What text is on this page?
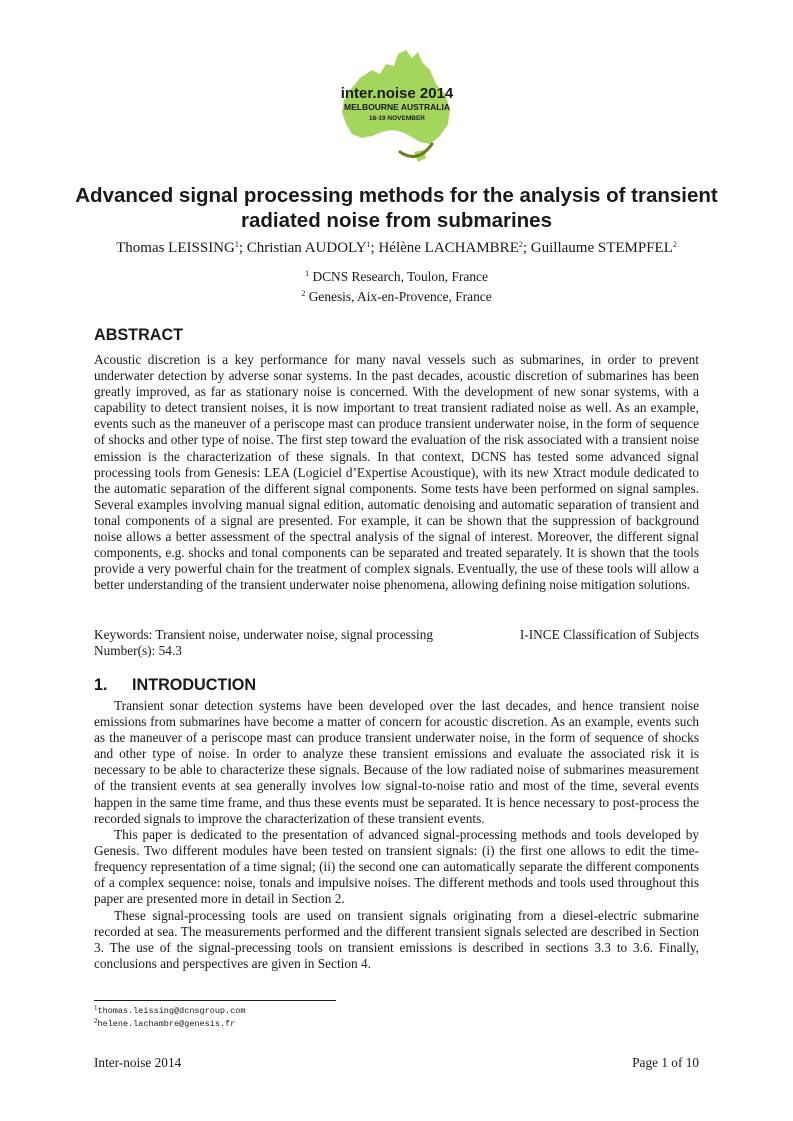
inter.noise 2014
MELBOURNE AUSTRALIA
16-19 NOVEMBER
Advanced signal processing methods for the analysis of transient
radiated noise from submarines
Thomas LEISSING$^1$; Christian AUDOLY$^1$; Hélène LACHAMBRE$^2$; Guillaume STEMPFEL$^2$
$^1$ DCNS Research, Toulon, France
$^2$ Genesis, Aix-en-Provence, France
ABSTRACT

Acoustic discretion is a key performance for many naval vessels such as submarines, in order to prevent underwater detection by adverse sonar systems. In the past decades, acoustic discretion of submarines has been greatly improved, as far as stationary noise is concerned. With the development of new sonar systems, with a capability to detect transient noises, it is now important to treat transient radiated noise as well. As an example, events such as the maneuver of a periscope mast can produce transient underwater noise, in the form of sequence of shocks and other type of noise. The first step toward the evaluation of the risk associated with a transient noise emission is the characterization of these signals. In that context, DCNS has tested some advanced signal processing tools from Genesis: LEA (Logiciel d’Expertise Acoustique), with its new Xtract module dedicated to the automatic separation of the different signal components. Some tests have been performed on signal samples. Several examples involving manual signal edition, automatic denoising and automatic separation of transient and tonal components of a signal are presented. For example, it can be shown that the suppression of background noise allows a better assessment of the spectral analysis of the signal of interest. Moreover, the different signal components, e.g. shocks and tonal components can be separated and treated separately. It is shown that the tools provide a very powerful chain for the treatment of complex signals. Eventually, the use of these tools will allow a better understanding of the transient underwater noise phenomena, allowing defining noise mitigation solutions.

Keywords: Transient noise, underwater noise, signal processing	I-INCE Classification of Subjects
Number(s): 54.3
1. INTRODUCTION

Transient sonar detection systems have been developed over the last decades, and hence transient noise emissions from submarines have become a matter of concern for acoustic discretion. As an example, events such as the maneuver of a periscope mast can produce transient underwater noise, in the form of sequence of shocks and other type of noise. In order to analyze these transient emissions and evaluate the associated risk it is necessary to be able to characterize these signals. Because of the low radiated noise of submarines measurement of the transient events at sea generally involves low signal-to-noise ratio and most of the time, several events happen in the same time frame, and thus these events must be separated. It is hence necessary to post-process the recorded signals to improve the characterization of these transient events.

This paper is dedicated to the presentation of advanced signal-processing methods and tools developed by Genesis. Two different modules have been tested on transient signals: (i) the first one allows to edit the time-frequency representation of a time signal; (ii) the second one can automatically separate the different components of a complex sequence: noise, tonals and impulsive noises. The different methods and tools used throughout this paper are presented more in detail in Section 2.

These signal-processing tools are used on transient signals originating from a diesel-electric submarine recorded at sea. The measurements performed and the different transient signals selected are described in Section 3. The use of the signal-precessing tools on transient emissions is described in sections 3.3 to 3.6. Finally, conclusions and perspectives are given in Section 4.

$^1$thomas.leissing@dcnsgroup.com
$^2$helene.lachambre@genesis.fr
Inter-noise 2014	Page 1 of 10
